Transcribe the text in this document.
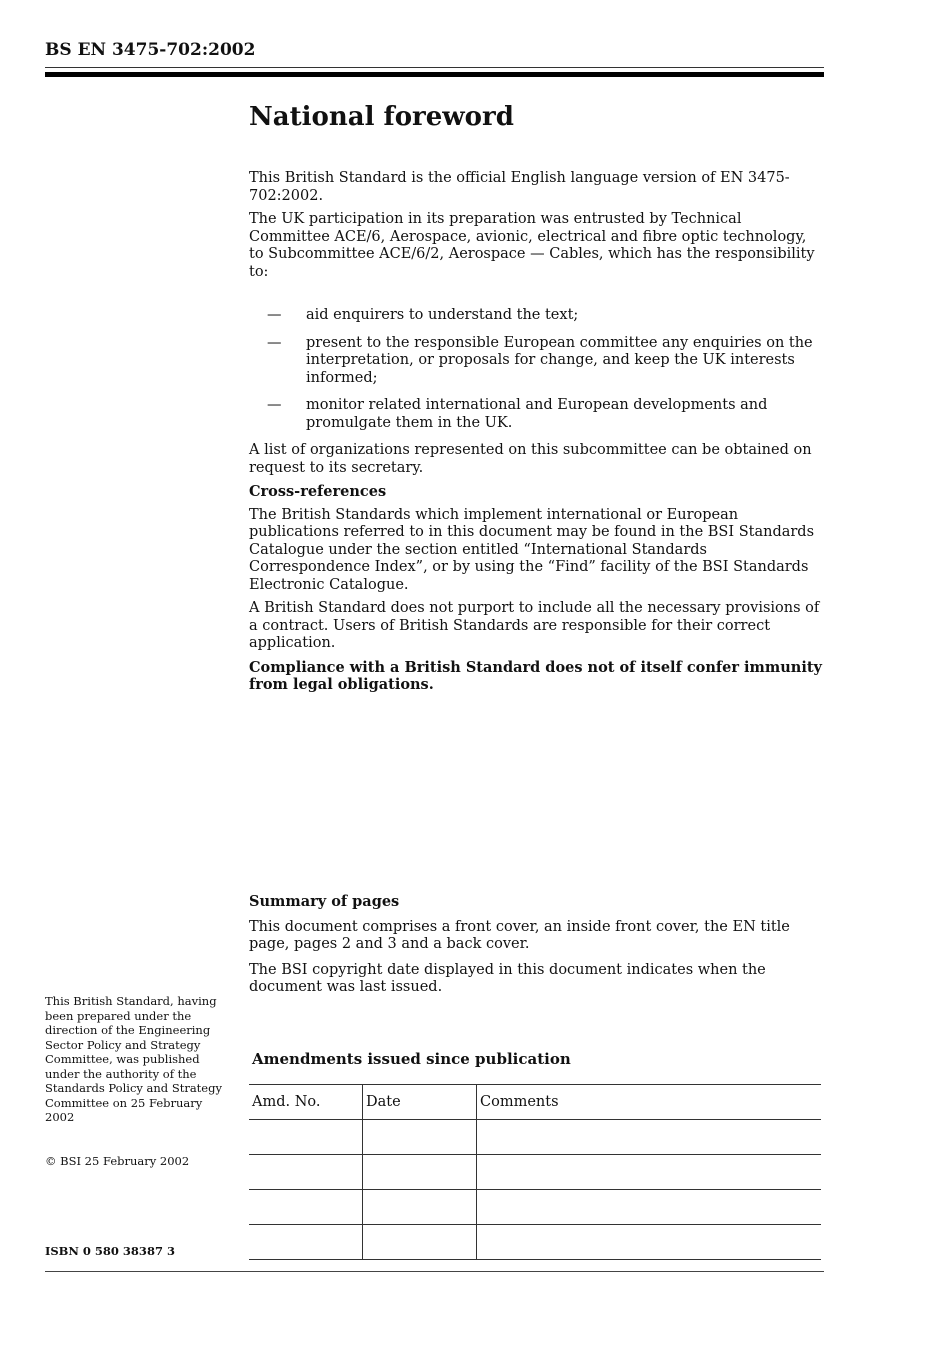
BS EN 3475-702:2002
National foreword

This British Standard is the official English language version of EN 3475-702:2002.

The UK participation in its preparation was entrusted by Technical Committee ACE/6, Aerospace, avionic, electrical and fibre optic technology, to Subcommittee ACE/6/2, Aerospace — Cables, which has the responsibility to:

— aid enquirers to understand the text;
— present to the responsible European committee any enquiries on the interpretation, or proposals for change, and keep the UK interests informed;
— monitor related international and European developments and promulgate them in the UK.

A list of organizations represented on this subcommittee can be obtained on request to its secretary.

Cross-references

The British Standards which implement international or European publications referred to in this document may be found in the BSI Standards Catalogue under the section entitled “International Standards Correspondence Index”, or by using the “Find” facility of the BSI Standards Electronic Catalogue.

A British Standard does not purport to include all the necessary provisions of a contract. Users of British Standards are responsible for their correct application.

Compliance with a British Standard does not of itself confer immunity from legal obligations.

Summary of pages

This document comprises a front cover, an inside front cover, the EN title page, pages 2 and 3 and a back cover.

The BSI copyright date displayed in this document indicates when the document was last issued.

Amendments issued since publication
Amd. No.	Date	Comments

This British Standard, having been prepared under the direction of the Engineering Sector Policy and Strategy Committee, was published under the authority of the Standards Policy and Strategy Committee on 25 February 2002
© BSI 25 February 2002
ISBN 0 580 38387 3
